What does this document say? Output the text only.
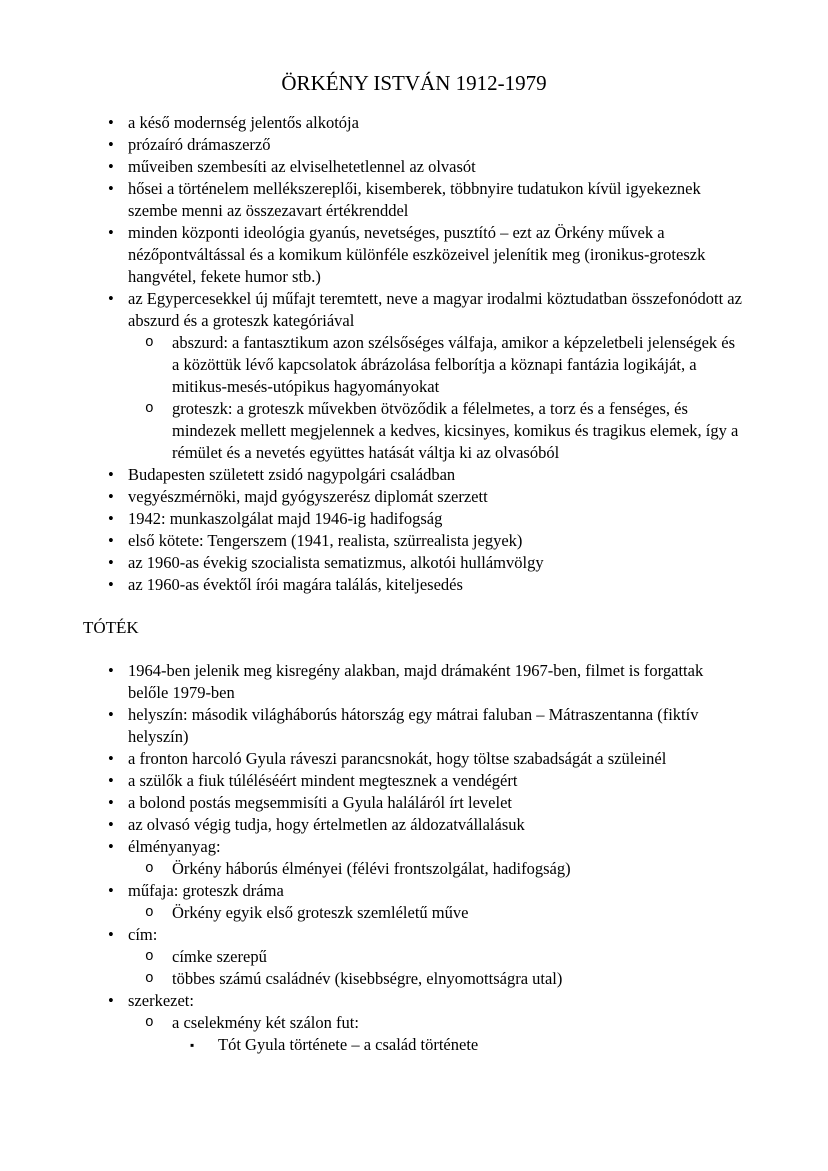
ÖRKÉNY ISTVÁN 1912-1979
• a késő modernség jelentős alkotója
• prózaíró drámaszerző
• műveiben szembesíti az elviselhetetlennel az olvasót
• hősei a történelem mellékszereplői, kisemberek, többnyire tudatukon kívül igyekeznek szembe menni az összezavart értékrenddel
• minden központi ideológia gyanús, nevetséges, pusztító – ezt az Örkény művek a nézőpontváltással és a komikum különféle eszközeivel jelenítik meg (ironikus-groteszk hangvétel, fekete humor stb.)
• az Egypercesekkel új műfajt teremtett, neve a magyar irodalmi köztudatban összefonódott az abszurd és a groteszk kategóriával
o	abszurd: a fantasztikum azon szélsőséges válfaja, amikor a képzeletbeli jelenségek és a közöttük lévő kapcsolatok ábrázolása felborítja a köznapi fantázia logikáját, a mitikus-mesés-utópikus hagyományokat
o	groteszk: a groteszk művekben ötvöződik a félelmetes, a torz és a fenséges, és mindezek mellett megjelennek a kedves, kicsinyes, komikus és tragikus elemek, így a rémület és a nevetés együttes hatását váltja ki az olvasóból
• Budapesten született zsidó nagypolgári családban
• vegyészmérnöki, majd gyógyszerész diplomát szerzett
• 1942: munkaszolgálat majd 1946-ig hadifogság
• első kötete: Tengerszem (1941, realista, szürrealista jegyek)
• az 1960-as évekig szocialista sematizmus, alkotói hullámvölgy
• az 1960-as évektől írói magára találás, kiteljesedés
TÓTÉK
• 1964-ben jelenik meg kisregény alakban, majd drámaként 1967-ben, filmet is forgattak belőle 1979-ben
• helyszín: második világháborús hátország egy mátrai faluban – Mátraszentanna (fiktív helyszín)
• a fronton harcoló Gyula ráveszi parancsnokát, hogy töltse szabadságát a szüleinél
• a szülők a fiuk túléléséért mindent megtesznek a vendégért
• a bolond postás megsemmisíti a Gyula haláláról írt levelet
• az olvasó végig tudja, hogy értelmetlen az áldozatvállalásuk
• élményanyag:
o	Örkény háborús élményei (félévi frontszolgálat, hadifogság)
• műfaja: groteszk dráma
o	Örkény egyik első groteszk szemléletű műve
• cím:
o	címke szerepű
o	többes számú családnév (kisebbségre, elnyomottságra utal)
• szerkezet:
o	a cselekmény két szálon fut:
▪	Tót Gyula története – a család története
